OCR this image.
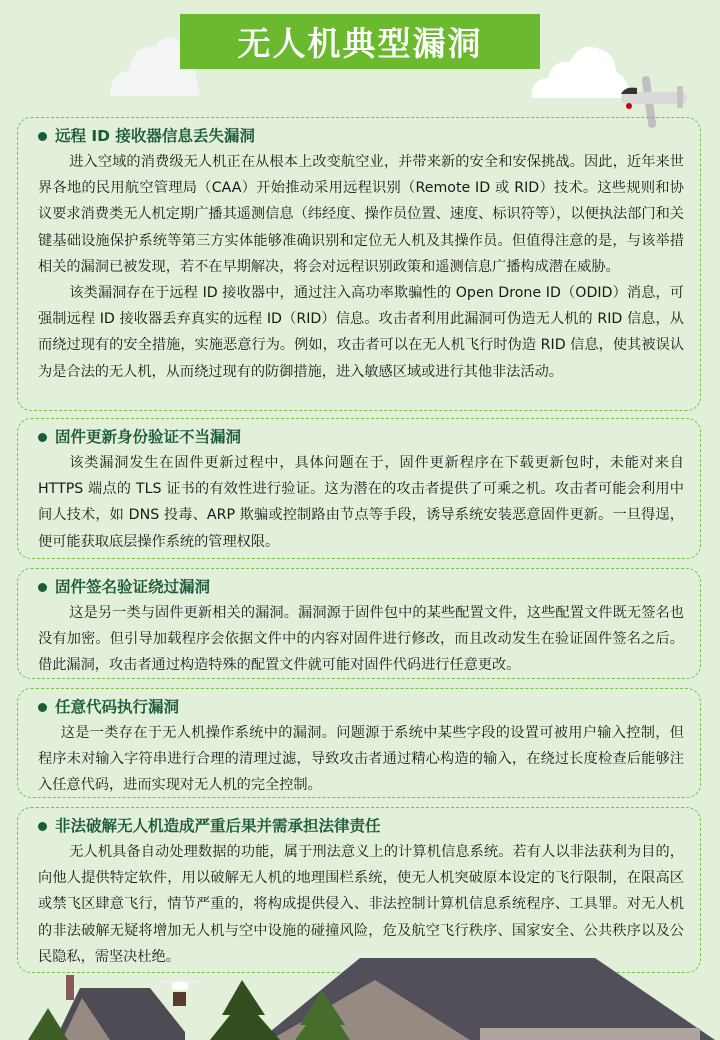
无人机典型漏洞
远程 ID 接收器信息丢失漏洞

进入空域的消费级无人机正在从根本上改变航空业，并带来新的安全和安保挑战。因此，近年来世界各地的民用航空管理局（CAA）开始推动采用远程识别（Remote ID 或 RID）技术。这些规则和协议要求消费类无人机定期广播其遥测信息（纬经度、操作员位置、速度、标识符等），以便执法部门和关键基础设施保护系统等第三方实体能够准确识别和定位无人机及其操作员。但值得注意的是，与该举措相关的漏洞已被发现，若不在早期解决，将会对远程识别政策和遥测信息广播构成潜在威胁。

该类漏洞存在于远程 ID 接收器中，通过注入高功率欺骗性的 Open Drone ID（ODID）消息，可强制远程 ID 接收器丢弃真实的远程 ID（RID）信息。攻击者利用此漏洞可伪造无人机的 RID 信息，从而绕过现有的安全措施，实施恶意行为。例如，攻击者可以在无人机飞行时伪造 RID 信息，使其被误认为是合法的无人机，从而绕过现有的防御措施，进入敏感区域或进行其他非法活动。

固件更新身份验证不当漏洞

该类漏洞发生在固件更新过程中，具体问题在于，固件更新程序在下载更新包时，未能对来自 HTTPS 端点的 TLS 证书的有效性进行验证。这为潜在的攻击者提供了可乘之机。攻击者可能会利用中间人技术，如 DNS 投毒、ARP 欺骗或控制路由节点等手段，诱导系统安装恶意固件更新。一旦得逞，便可能获取底层操作系统的管理权限。

固件签名验证绕过漏洞

这是另一类与固件更新相关的漏洞。漏洞源于固件包中的某些配置文件，这些配置文件既无签名也没有加密。但引导加载程序会依据文件中的内容对固件进行修改，而且改动发生在验证固件签名之后。借此漏洞，攻击者通过构造特殊的配置文件就可能对固件代码进行任意更改。

任意代码执行漏洞

这是一类存在于无人机操作系统中的漏洞。问题源于系统中某些字段的设置可被用户输入控制，但程序未对输入字符串进行合理的清理过滤，导致攻击者通过精心构造的输入，在绕过长度检查后能够注入任意代码，进而实现对无人机的完全控制。

非法破解无人机造成严重后果并需承担法律责任

无人机具备自动处理数据的功能，属于刑法意义上的计算机信息系统。若有人以非法获利为目的，向他人提供特定软件，用以破解无人机的地理围栏系统，使无人机突破原本设定的飞行限制，在限高区或禁飞区肆意飞行，情节严重的，将构成提供侵入、非法控制计算机信息系统程序、工具罪。对无人机的非法破解无疑将增加无人机与空中设施的碰撞风险，危及航空飞行秩序、国家安全、公共秩序以及公民隐私，需坚决杜绝。
